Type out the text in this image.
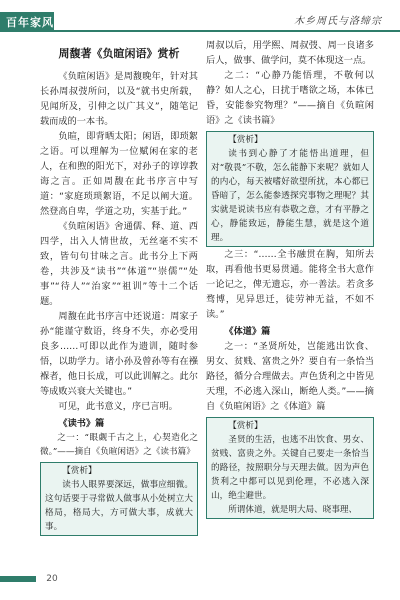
百年家风	木乡周氏与洛缔宗
周馥著《负暄闲语》赏析

《负暄闲语》是周馥晚年，针对其长孙周叔弢所问，以及“就书史所载，见闻所及，引伸之以广其义”，随笔记载而成的一本书。

负暄，即背晒太阳；闲语，即琐絮之语。可以理解为一位赋闲在家的老人，在和煦的阳光下，对孙子的谆谆教诲之言。正如周馥在此书序言中写道：“家庭琐琐絮语，不足以阐大道。然登高自卑，学道之功，实基于此。”

《负暄闲语》舍通儒、释、道、西四学，出入人情世故，无丝毫不实不致，皆句句甘味之言。此书分上下两卷，共涉及“读书”“体道”“崇儒”“处事”“待人”“治家”“祖训”等十二个话题。

周馥在此书序言中还说道：周家子孙“能谨守数语，终身不失，亦必受用良多……可即以此作为遗训，随时参悟，以助学力。诸小孙及曾孙等有在襁褓者，他日长成，可以此训解之。此尔等成败兴衰大关键也。”

可见，此书意义，序已言明。

《读书》篇

之一：“眼觑千古之上，心契造化之微。”——摘自《负暄闲语》之《读书篇》

【赏析】

读书人眼界要深远，做事应细微。这句话要于寻常做人做事从小处树立大格局，格局大，方可做大事，成就大事。

周叔以后，用学熙、周叔弢、周一良诸多后人，做事、做学问，莫不体现这一点。

之二：“心静乃能悟理，不敬何以静？如人之心，日扰于嗜欲之场，本体已昏，安能参究物理？”——摘自《负暄闲语》之《读书篇》

【赏析】

读书到心静了才能悟出道理，但对“敬畏”不敬，怎么能静下来呢？就如人的内心，每天被嗜好欲望所扰，本心都已昏暗了，怎么能参透探究事物之理呢？其实就是说读书应有恭敬之意，才有平静之心，静能致远，静能生慧，就是这个道理。

之三：“……全书融贯在胸，知所去取，再看他书更易贯通。能将全书大意作一论记之，俾无遗忘，亦一善法。若贪多骛博，见异思迁，徒劳神无益，不如不读。”

《体道》篇

之一：“圣贤所处，岂能逃出饮食、男女、贫贱、富贵之外？要自有一条恰当路径，循分合理做去。声色货利之中皆见天理，不必逃入深山，断绝人类。”——摘自《负暄闲语》之《体道》篇

【赏析】

圣贤的生活，也逃不出饮食、男女、贫贱、富贵之外。关键自己要走一条恰当的路径，按照职分与天理去做。因为声色货利之中都可以见到伦理，不必逃入深山，绝尘避世。

所谓体道，就是明大局、晓事理、

20
